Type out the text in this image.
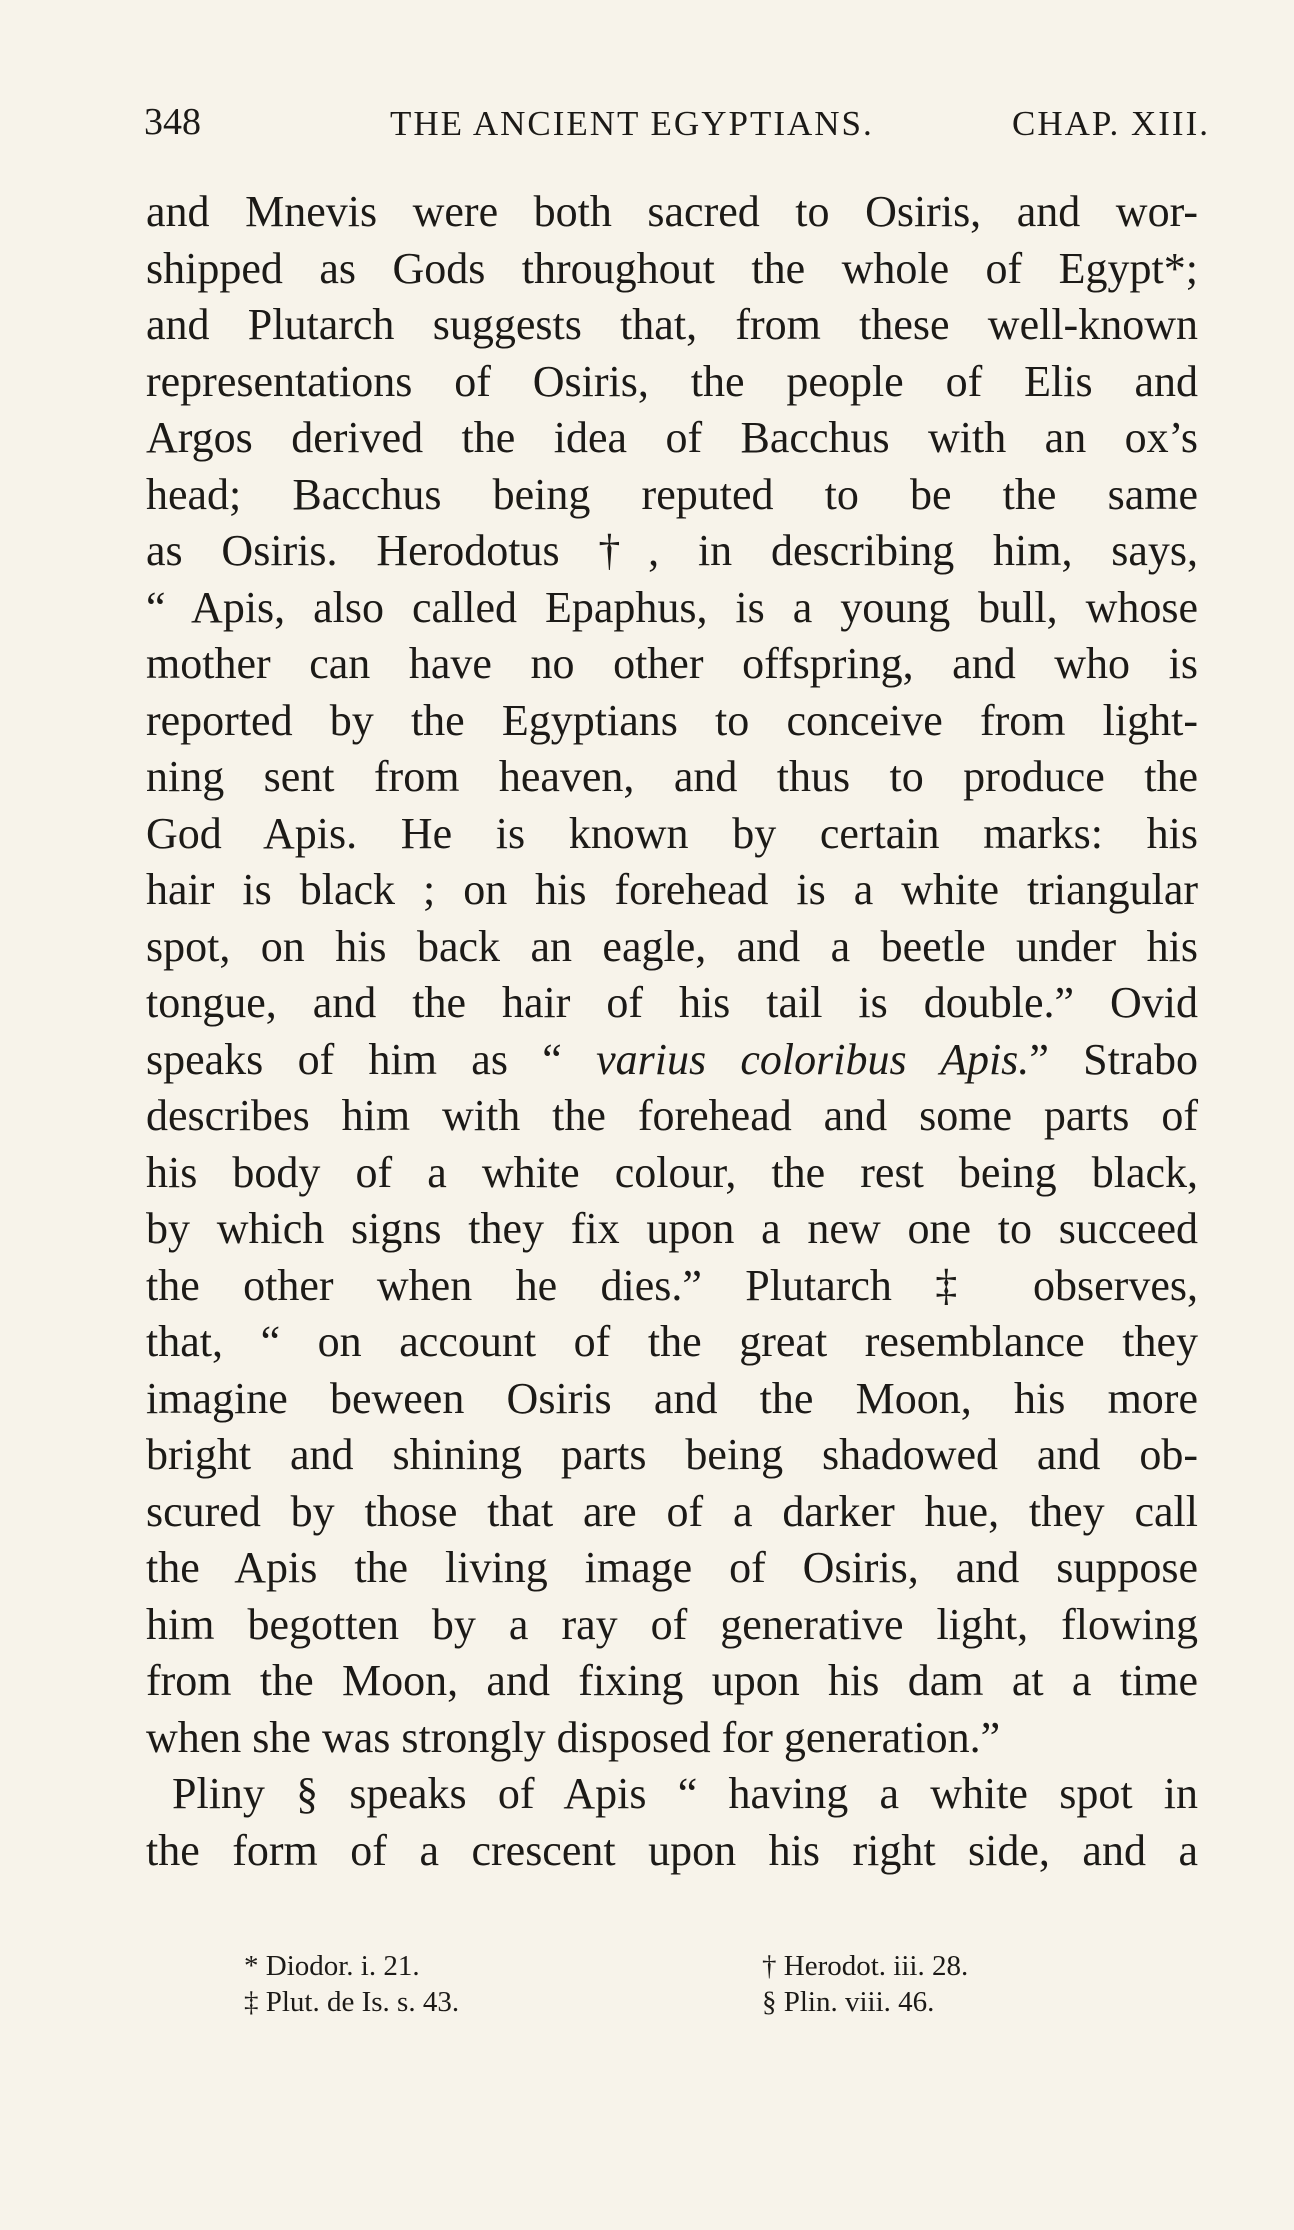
348	THE ANCIENT EGYPTIANS.	CHAP. XIII.
and Mnevis were both sacred to Osiris, and wor-
shipped as Gods throughout the whole of Egypt*;
and Plutarch suggests that, from these well-known
representations of Osiris, the people of Elis and
Argos derived the idea of Bacchus with an ox’s
head; Bacchus being reputed to be the same
as Osiris. Herodotus †, in describing him, says,
“ Apis, also called Epaphus, is a young bull, whose
mother can have no other offspring, and who is
reported by the Egyptians to conceive from light-
ning sent from heaven, and thus to produce the
God Apis. He is known by certain marks: his
hair is black ; on his forehead is a white triangular
spot, on his back an eagle, and a beetle under his
tongue, and the hair of his tail is double.” Ovid
speaks of him as “ varius coloribus Apis.” Strabo
describes him with the forehead and some parts of
his body of a white colour, the rest being black,
by which signs they fix upon a new one to succeed
the other when he dies.” Plutarch ‡ observes,
that, “ on account of the great resemblance they
imagine beween Osiris and the Moon, his more
bright and shining parts being shadowed and ob-
scured by those that are of a darker hue, they call
the Apis the living image of Osiris, and suppose
him begotten by a ray of generative light, flowing
from the Moon, and fixing upon his dam at a time
when she was strongly disposed for generation.”
Pliny § speaks of Apis “ having a white spot in
the form of a crescent upon his right side, and a
* Diodor. i. 21.	† Herodot. iii. 28.
‡ Plut. de Is. s. 43.	§ Plin. viii. 46.
